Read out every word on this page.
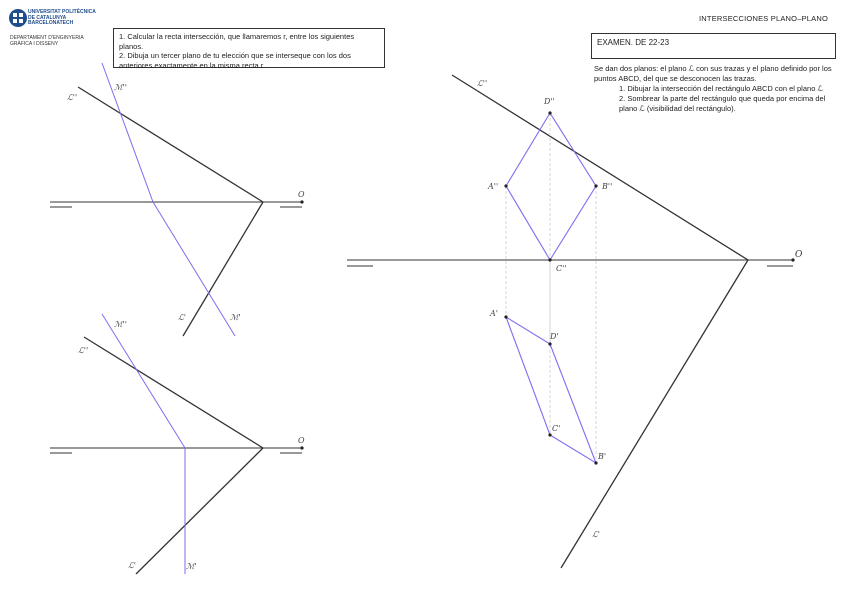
UNIVERSITAT POLITÈCNICA
DE CATALUNYA
BARCELONATECH
DEPARTAMENT D'ENGINYERIA
GRÀFICA I DISSENY
INTERSECCIONES PLANO–PLANO
1. Calcular la recta intersección, que llamaremos r, entre los siguientes planos.
2. Dibuja un tercer plano de tu elección que se interseque con los dos anteriores exactamente en la misma recta r.
EXAMEN. DE 22-23
Se dan dos planos: el plano ℒ con sus trazas y el plano definido por los puntos ABCD, del que se desconocen las trazas.
1. Dibujar la intersección del rectángulo ABCD con el plano ℒ
2. Sombrear la parte del rectángulo que queda por encima del plano ℒ (visibilidad del rectángulo).
O
ℒ''
ℳ''
ℒ'	ℳ'
O
ℳ''
ℒ''
ℒ'	ℳ'
O
ℒ''
ℒ'
D''
B''
C''
A''
A'
D'
B'
C'
